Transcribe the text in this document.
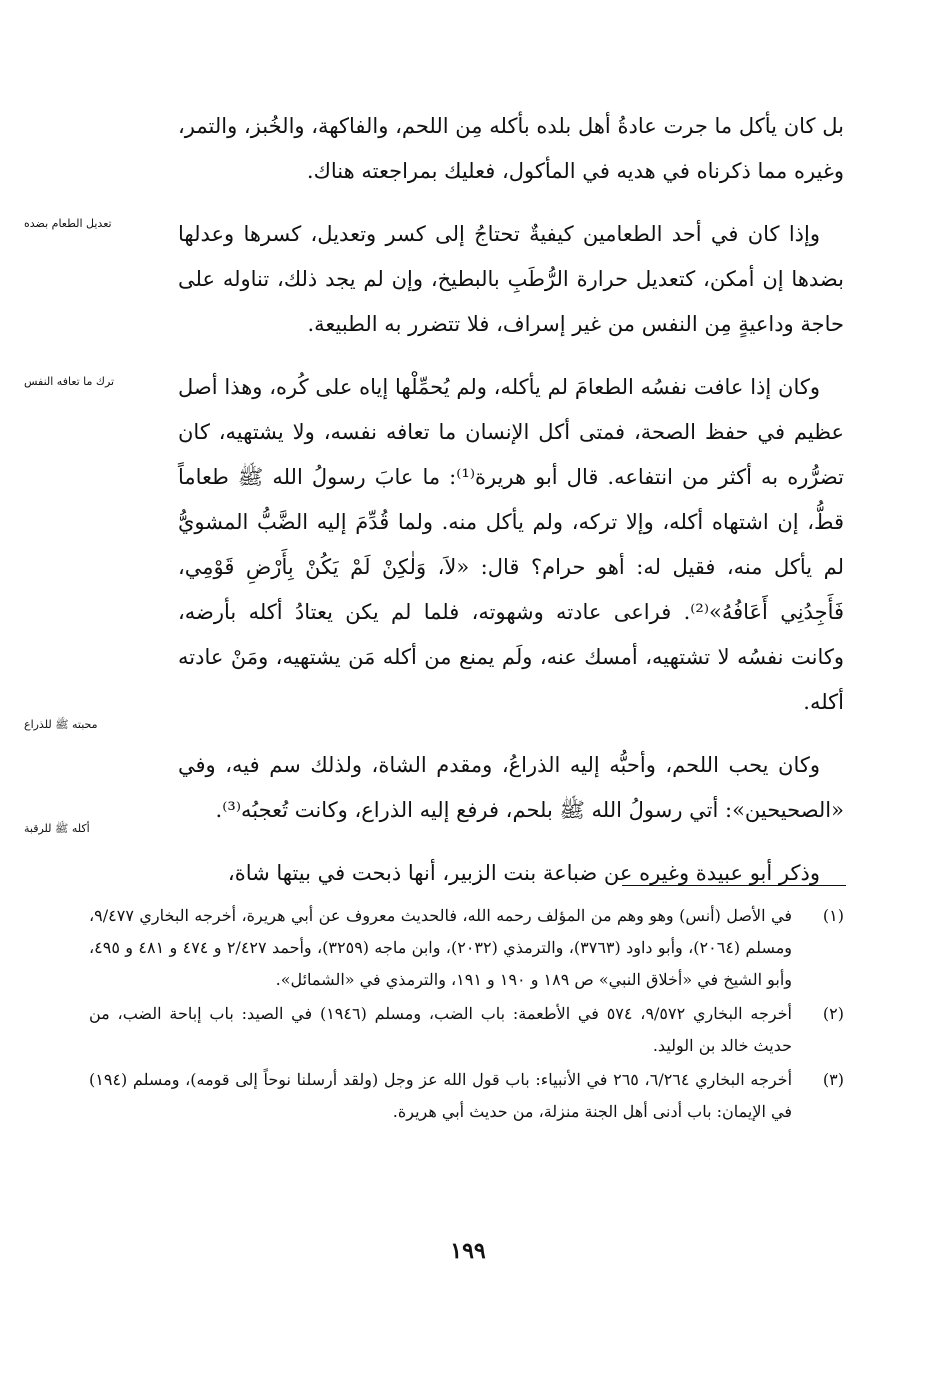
بل كان يأكل ما جرت عادةُ أهل بلده بأكله مِن اللحم، والفاكهة، والخُبز، والتمر، وغيره مما ذكرناه في هديه في المأكول، فعليك بمراجعته هناك.

وإذا كان في أحد الطعامين كيفيةٌ تحتاجُ إلى كسر وتعديل، كسرها وعدلها بضدها إن أمكن، كتعديل حرارة الرُّطَبِ بالبطيخ، وإن لم يجد ذلك، تناوله على حاجة وداعيةٍ مِن النفس من غير إسراف، فلا تتضرر به الطبيعة.

وكان إذا عافت نفسُه الطعامَ لم يأكله، ولم يُحمِّلْها إياه على كُره، وهذا أصل عظيم في حفظ الصحة، فمتى أكل الإنسان ما تعافه نفسه، ولا يشتهيه، كان تضرُّره به أكثر من انتفاعه. قال أبو هريرة⁽¹⁾: ما عابَ رسولُ الله ﷺ طعاماً قطُّ، إن اشتهاه أكله، وإلا تركه، ولم يأكل منه. ولما قُدِّمَ إليه الضَّبُّ المشويُّ لم يأكل منه، فقيل له: أهو حرام؟ قال: «لاَ، وَلٰكِنْ لَمْ يَكُنْ بِأَرْضِ قَوْمِي، فَأَجِدُنِي أَعَافُهُ»⁽²⁾. فراعى عادته وشهوته، فلما لم يكن يعتادُ أكله بأرضه، وكانت نفسُه لا تشتهيه، أمسك عنه، ولَم يمنع من أكله مَن يشتهيه، ومَنْ عادته أكله.

وكان يحب اللحم، وأحبُّه إليه الذراعُ، ومقدم الشاة، ولذلك سم فيه، وفي «الصحيحين»: أتي رسولُ الله ﷺ بلحم، فرفع إليه الذراع، وكانت تُعجبُه⁽³⁾.

وذكر أبو عبيدة وغيره عن ضباعة بنت الزبير، أنها ذبحت في بيتها شاة،

تعديل الطعام بضده
ترك ما تعافه النفس
محبته ﷺ للذراع
أكله ﷺ للرقبة
(١)
في الأصل (أنس) وهو وهم من المؤلف رحمه الله، فالحديث معروف عن أبي هريرة، أخرجه البخاري ٩/٤٧٧، ومسلم (٢٠٦٤)، وأبو داود (٣٧٦٣)، والترمذي (٢٠٣٢)، وابن ماجه (٣٢٥٩)، وأحمد ٢/٤٢٧ و ٤٧٤ و ٤٨١ و ٤٩٥، وأبو الشيخ في «أخلاق النبي» ص ١٨٩ و ١٩٠ و ١٩١، والترمذي في «الشمائل».
(٢)
أخرجه البخاري ٩/٥٧٢، ٥٧٤ في الأطعمة: باب الضب، ومسلم (١٩٤٦) في الصيد: باب إباحة الضب، من حديث خالد بن الوليد.
(٣)
أخرجه البخاري ٦/٢٦٤، ٢٦٥ في الأنبياء: باب قول الله عز وجل (ولقد أرسلنا نوحاً إلى قومه)، ومسلم (١٩٤) في الإيمان: باب أدنى أهل الجنة منزلة، من حديث أبي هريرة.
١٩٩
